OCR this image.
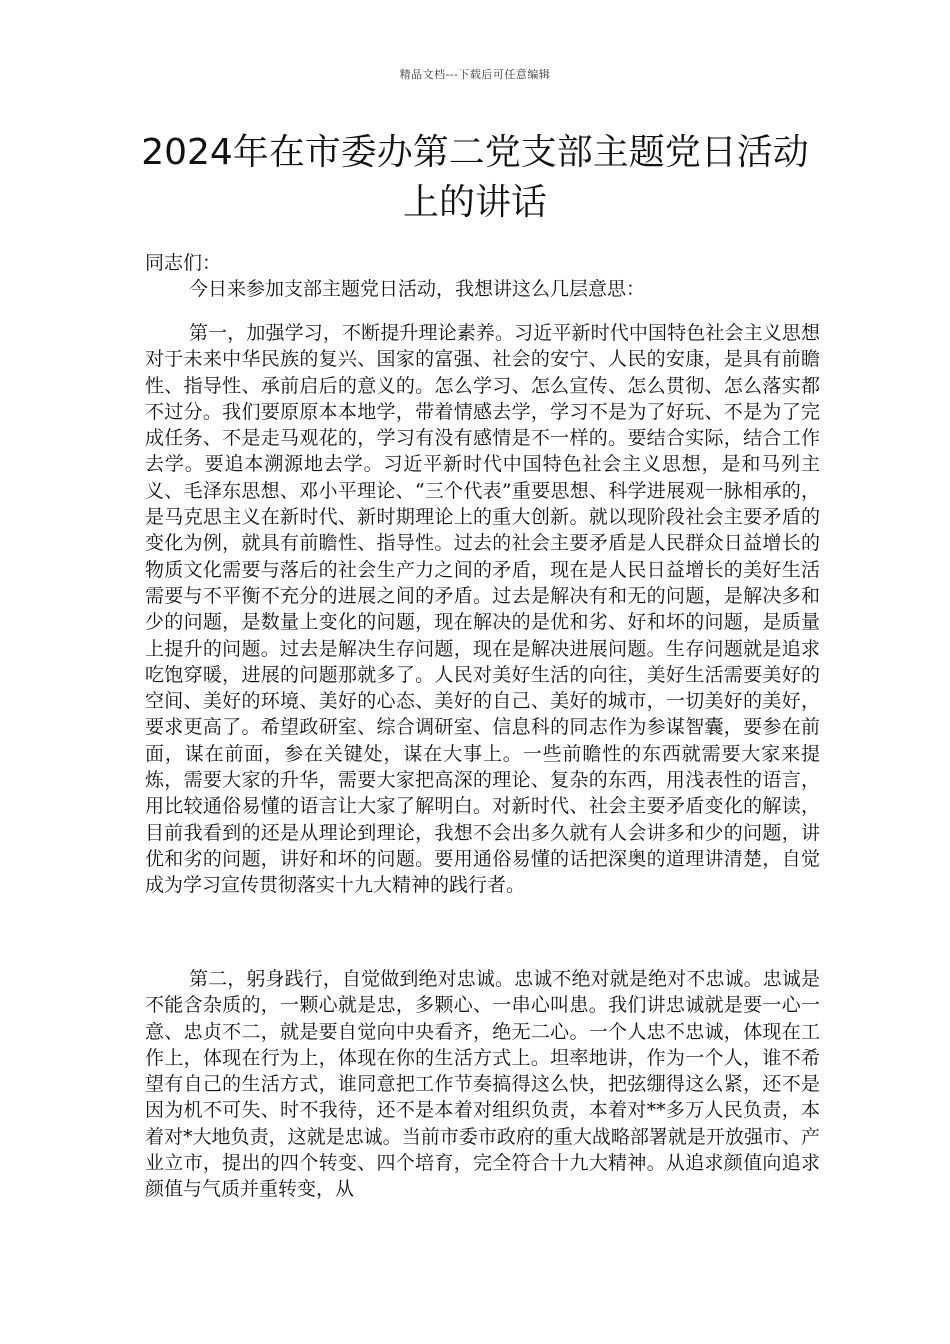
精品文档---下载后可任意编辑
2024年在市委办第二党支部主题党日活动上的讲话

同志们：

今日来参加支部主题党日活动，我想讲这么几层意思：

第一，加强学习，不断提升理论素养。习近平新时代中国特色社会主义思想对于未来中华民族的复兴、国家的富强、社会的安宁、人民的安康，是具有前瞻性、指导性、承前启后的意义的。怎么学习、怎么宣传、怎么贯彻、怎么落实都不过分。我们要原原本本地学，带着情感去学，学习不是为了好玩、不是为了完成任务、不是走马观花的，学习有没有感情是不一样的。要结合实际，结合工作去学。要追本溯源地去学。习近平新时代中国特色社会主义思想，是和马列主义、毛泽东思想、邓小平理论、“三个代表”重要思想、科学进展观一脉相承的，是马克思主义在新时代、新时期理论上的重大创新。就以现阶段社会主要矛盾的变化为例，就具有前瞻性、指导性。过去的社会主要矛盾是人民群众日益增长的物质文化需要与落后的社会生产力之间的矛盾，现在是人民日益增长的美好生活需要与不平衡不充分的进展之间的矛盾。过去是解决有和无的问题，是解决多和少的问题，是数量上变化的问题，现在解决的是优和劣、好和坏的问题，是质量上提升的问题。过去是解决生存问题，现在是解决进展问题。生存问题就是追求吃饱穿暖，进展的问题那就多了。人民对美好生活的向往，美好生活需要美好的空间、美好的环境、美好的心态、美好的自己、美好的城市，一切美好的美好，要求更高了。希望政研室、综合调研室、信息科的同志作为参谋智囊，要参在前面，谋在前面，参在关键处，谋在大事上。一些前瞻性的东西就需要大家来提炼，需要大家的升华，需要大家把高深的理论、复杂的东西，用浅表性的语言，用比较通俗易懂的语言让大家了解明白。对新时代、社会主要矛盾变化的解读，目前我看到的还是从理论到理论，我想不会出多久就有人会讲多和少的问题，讲优和劣的问题，讲好和坏的问题。要用通俗易懂的话把深奥的道理讲清楚，自觉成为学习宣传贯彻落实十九大精神的践行者。

第二，躬身践行，自觉做到绝对忠诚。忠诚不绝对就是绝对不忠诚。忠诚是不能含杂质的，一颗心就是忠，多颗心、一串心叫患。我们讲忠诚就是要一心一意、忠贞不二，就是要自觉向中央看齐，绝无二心。一个人忠不忠诚，体现在工作上，体现在行为上，体现在你的生活方式上。坦率地讲，作为一个人，谁不希望有自己的生活方式，谁同意把工作节奏搞得这么快，把弦绷得这么紧，还不是因为机不可失、时不我待，还不是本着对组织负责，本着对**多万人民负责，本着对*大地负责，这就是忠诚。当前市委市政府的重大战略部署就是开放强市、产业立市，提出的四个转变、四个培育，完全符合十九大精神。从追求颜值向追求颜值与气质并重转变，从
